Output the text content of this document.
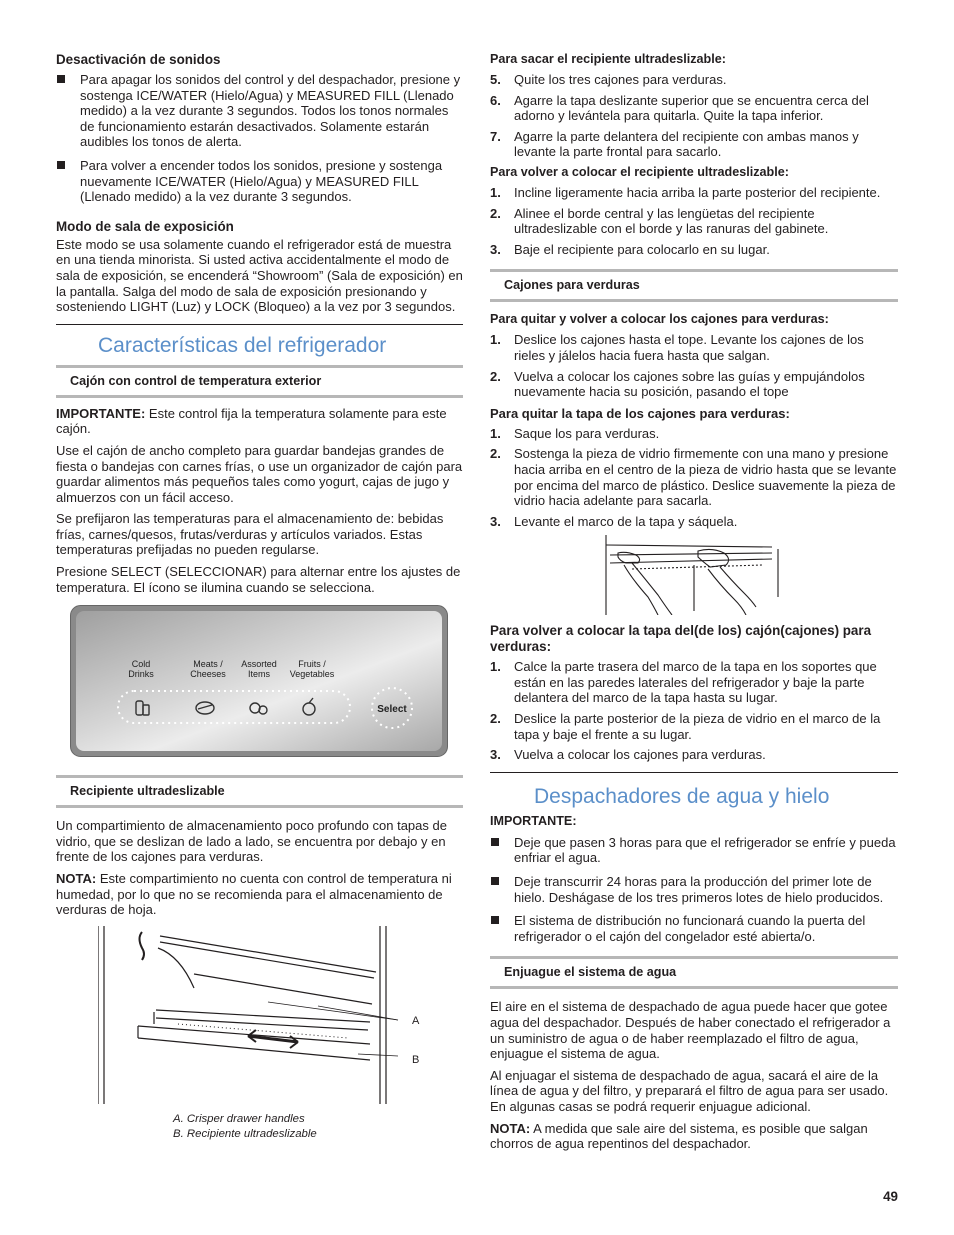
Desactivación de sonidos
Para apagar los sonidos del control y del despachador, presione y sostenga ICE/WATER (Hielo/Agua) y MEASURED FILL (Llenado medido) a la vez durante 3 segundos. Todos los tonos normales de funcionamiento estarán desactivados. Solamente estarán audibles los tonos de alerta.
Para volver a encender todos los sonidos, presione y sostenga nuevamente ICE/WATER (Hielo/Agua) y MEASURED FILL (Llenado medido) a la vez durante 3 segundos.
Modo de sala de exposición

Este modo se usa solamente cuando el refrigerador está de muestra en una tienda minorista. Si usted activa accidentalmente el modo de sala de exposición, se encenderá “Showroom” (Sala de exposición) en la pantalla. Salga del modo de sala de exposición presionando y sosteniendo LIGHT (Luz) y LOCK (Bloqueo) a la vez por 3 segundos.

Características del refrigerador
Cajón con control de temperatura exterior

IMPORTANTE: Este control fija la temperatura solamente para este cajón.

Use el cajón de ancho completo para guardar bandejas grandes de fiesta o bandejas con carnes frías, o use un organizador de cajón para guardar alimentos más pequeños tales como yogurt, cajas de jugo y almuerzos con un fácil acceso.

Se prefijaron las temperaturas para el almacenamiento de: bebidas frías, carnes/quesos, frutas/verduras y artículos variados. Estas temperaturas prefijadas no pueden regularse.

Presione SELECT (SELECCIONAR) para alternar entre los ajustes de temperatura. El ícono se ilumina cuando se selecciona.

Cold
Drinks
Meats /
Cheeses
Assorted
Items
Fruits /
Vegetables
Select
Recipiente ultradeslizable

Un compartimiento de almacenamiento poco profundo con tapas de vidrio, que se deslizan de lado a lado, se encuentra por debajo y en frente de los cajones para verduras.

NOTA: Este compartimiento no cuenta con control de temperatura ni humedad, por lo que no se recomienda para el almacenamiento de verduras de hoja.

A
B
A. Crisper drawer handles
B. Recipiente ultradeslizable
Para sacar el recipiente ultradeslizable:
5. Quite los tres cajones para verduras.
6. Agarre la tapa deslizante superior que se encuentra cerca del adorno y levántela para quitarla. Quite la tapa inferior.
7. Agarre la parte delantera del recipiente con ambas manos y levante la parte frontal para sacarlo.
Para volver a colocar el recipiente ultradeslizable:
1. Incline ligeramente hacia arriba la parte posterior del recipiente.
2. Alinee el borde central y las lengüetas del recipiente ultradeslizable con el borde y las ranuras del gabinete.
3. Baje el recipiente para colocarlo en su lugar.
Cajones para verduras
Para quitar y volver a colocar los cajones para verduras:
1. Deslice los cajones hasta el tope. Levante los cajones de los rieles y jálelos hacia fuera hasta que salgan.
2. Vuelva a colocar los cajones sobre las guías y empujándolos nuevamente hacia su posición, pasando el tope
Para quitar la tapa de los cajones para verduras:
1. Saque los para verduras.
2. Sostenga la pieza de vidrio firmemente con una mano y presione hacia arriba en el centro de la pieza de vidrio hasta que se levante por encima del marco de plástico. Deslice suavemente la pieza de vidrio hacia adelante para sacarla.
3. Levante el marco de la tapa y sáquela.
Para volver a colocar la tapa del(de los) cajón(cajones) para verduras:
1. Calce la parte trasera del marco de la tapa en los soportes que están en las paredes laterales del refrigerador y baje la parte delantera del marco de la tapa hasta su lugar.
2. Deslice la parte posterior de la pieza de vidrio en el marco de la tapa y baje el frente a su lugar.
3. Vuelva a colocar los cajones para verduras.
Despachadores de agua y hielo
IMPORTANTE:
Deje que pasen 3 horas para que el refrigerador se enfríe y pueda enfriar el agua.
Deje transcurrir 24 horas para la producción del primer lote de hielo. Deshágase de los tres primeros lotes de hielo producidos.
El sistema de distribución no funcionará cuando la puerta del refrigerador o el cajón del congelador esté abierta/o.
Enjuague el sistema de agua

El aire en el sistema de despachado de agua puede hacer que gotee agua del despachador. Después de haber conectado el refrigerador a un suministro de agua o de haber reemplazado el filtro de agua, enjuague el sistema de agua.

Al enjuagar el sistema de despachado de agua, sacará el aire de la línea de agua y del filtro, y preparará el filtro de agua para ser usado. En algunas casas se podrá requerir enjuague adicional.

NOTA: A medida que sale aire del sistema, es posible que salgan chorros de agua repentinos del despachador.

49
